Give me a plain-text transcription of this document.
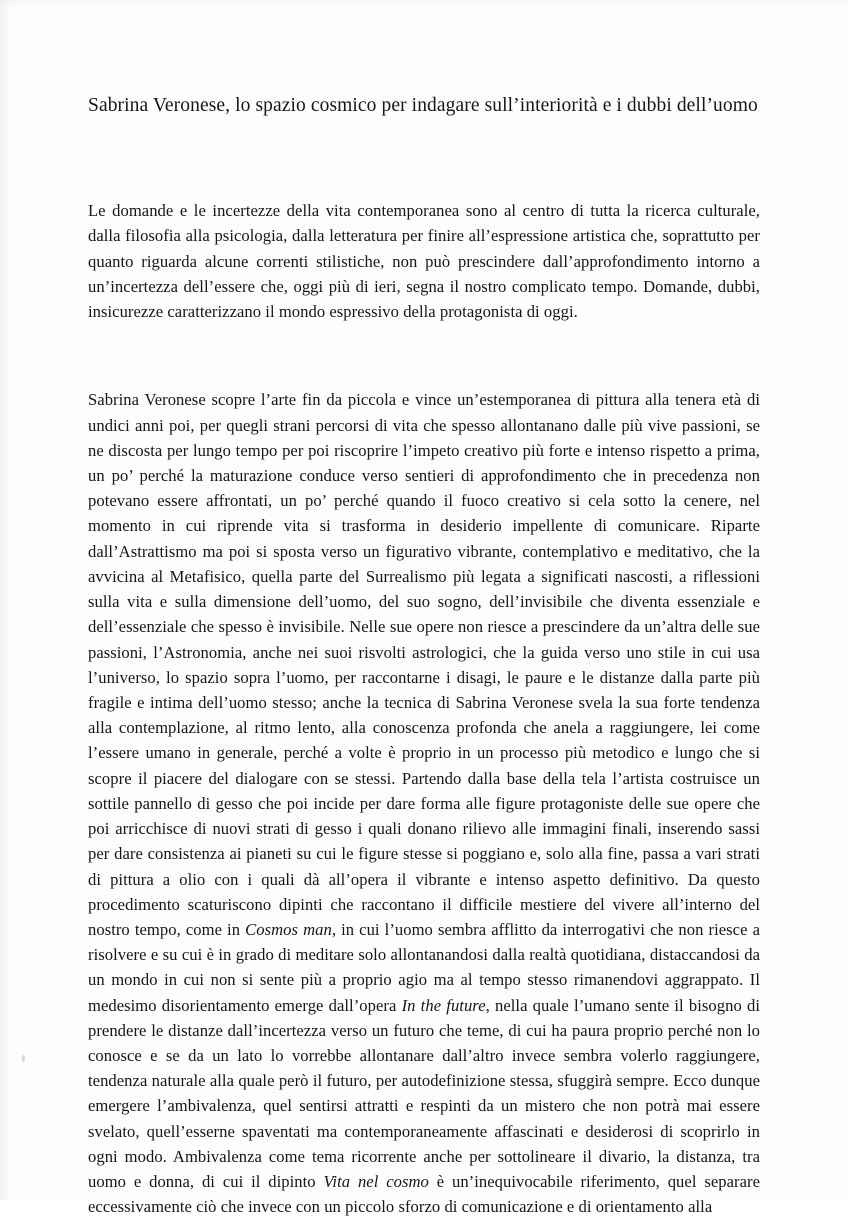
Sabrina Veronese, lo spazio cosmico per indagare sull’interiorità e i dubbi dell’uomo

Le domande e le incertezze della vita contemporanea sono al centro di tutta la ricerca culturale, dalla filosofia alla psicologia, dalla letteratura per finire all’espressione artistica che, soprattutto per quanto riguarda alcune correnti stilistiche, non può prescindere dall’approfondimento intorno a un’incertezza dell’essere che, oggi più di ieri, segna il nostro complicato tempo. Domande, dubbi, insicurezze caratterizzano il mondo espressivo della protagonista di oggi.

Sabrina Veronese scopre l’arte fin da piccola e vince un’estemporanea di pittura alla tenera età di undici anni poi, per quegli strani percorsi di vita che spesso allontanano dalle più vive passioni, se ne discosta per lungo tempo per poi riscoprire l’impeto creativo più forte e intenso rispetto a prima, un po’ perché la maturazione conduce verso sentieri di approfondimento che in precedenza non potevano essere affrontati, un po’ perché quando il fuoco creativo si cela sotto la cenere, nel momento in cui riprende vita si trasforma in desiderio impellente di comunicare. Riparte dall’Astrattismo ma poi si sposta verso un figurativo vibrante, contemplativo e meditativo, che la avvicina al Metafisico, quella parte del Surrealismo più legata a significati nascosti, a riflessioni sulla vita e sulla dimensione dell’uomo, del suo sogno, dell’invisibile che diventa essenziale e dell’essenziale che spesso è invisibile. Nelle sue opere non riesce a prescindere da un’altra delle sue passioni, l’Astronomia, anche nei suoi risvolti astrologici, che la guida verso uno stile in cui usa l’universo, lo spazio sopra l’uomo, per raccontarne i disagi, le paure e le distanze dalla parte più fragile e intima dell’uomo stesso; anche la tecnica di Sabrina Veronese svela la sua forte tendenza alla contemplazione, al ritmo lento, alla conoscenza profonda che anela a raggiungere, lei come l’essere umano in generale, perché a volte è proprio in un processo più metodico e lungo che si scopre il piacere del dialogare con se stessi. Partendo dalla base della tela l’artista costruisce un sottile pannello di gesso che poi incide per dare forma alle figure protagoniste delle sue opere che poi arricchisce di nuovi strati di gesso i quali donano rilievo alle immagini finali, inserendo sassi per dare consistenza ai pianeti su cui le figure stesse si poggiano e, solo alla fine, passa a vari strati di pittura a olio con i quali dà all’opera il vibrante e intenso aspetto definitivo. Da questo procedimento scaturiscono dipinti che raccontano il difficile mestiere del vivere all’interno del nostro tempo, come in Cosmos man, in cui l’uomo sembra afflitto da interrogativi che non riesce a risolvere e su cui è in grado di meditare solo allontanandosi dalla realtà quotidiana, distaccandosi da un mondo in cui non si sente più a proprio agio ma al tempo stesso rimanendovi aggrappato. Il medesimo disorientamento emerge dall’opera In the future, nella quale l’umano sente il bisogno di prendere le distanze dall’incertezza verso un futuro che teme, di cui ha paura proprio perché non lo conosce e se da un lato lo vorrebbe allontanare dall’altro invece sembra volerlo raggiungere, tendenza naturale alla quale però il futuro, per autodefinizione stessa, sfuggirà sempre. Ecco dunque emergere l’ambivalenza, quel sentirsi attratti e respinti da un mistero che non potrà mai essere svelato, quell’esserne spaventati ma contemporaneamente affascinati e desiderosi di scoprirlo in ogni modo. Ambivalenza come tema ricorrente anche per sottolineare il divario, la distanza, tra uomo e donna, di cui il dipinto Vita nel cosmo è un’inequivocabile riferimento, quel separare eccessivamente ciò che invece con un piccolo sforzo di comunicazione e di orientamento alla
